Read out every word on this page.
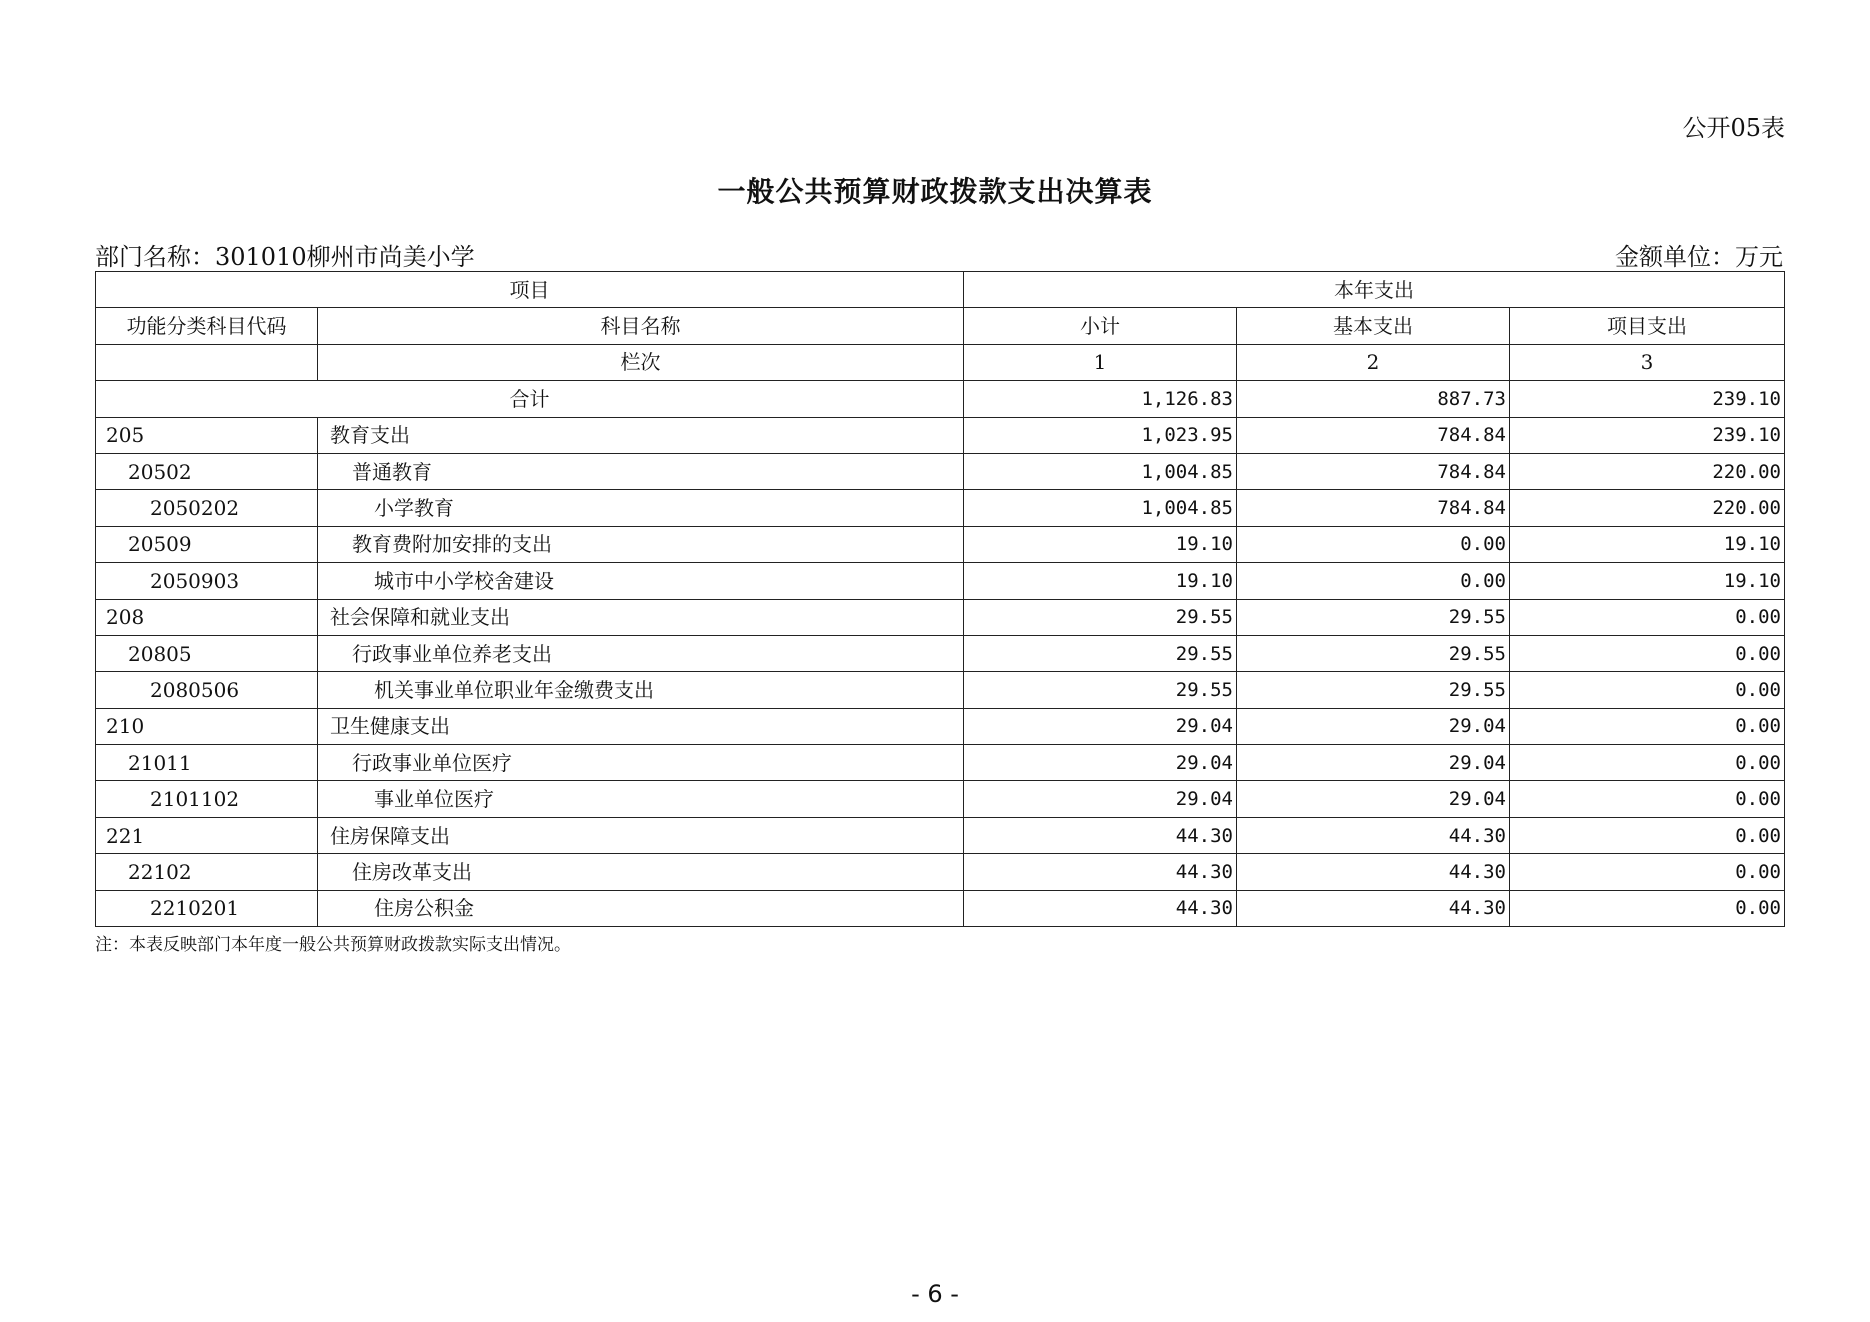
公开05表
一般公共预算财政拨款支出决算表
部门名称：301010柳州市尚美小学	金额单位：万元
项目		本年支出		
功能分类科目代码	科目名称	小计	基本支出	项目支出
	栏次	1	2	3
合计		1,126.83	887.73	239.10
205	教育支出	1,023.95	784.84	239.10
20502	普通教育	1,004.85	784.84	220.00
2050202	小学教育	1,004.85	784.84	220.00
20509	教育费附加安排的支出	19.10	0.00	19.10
2050903	城市中小学校舍建设	19.10	0.00	19.10
208	社会保障和就业支出	29.55	29.55	0.00
20805	行政事业单位养老支出	29.55	29.55	0.00
2080506	机关事业单位职业年金缴费支出	29.55	29.55	0.00
210	卫生健康支出	29.04	29.04	0.00
21011	行政事业单位医疗	29.04	29.04	0.00
2101102	事业单位医疗	29.04	29.04	0.00
221	住房保障支出	44.30	44.30	0.00
22102	住房改革支出	44.30	44.30	0.00
2210201	住房公积金	44.30	44.30	0.00
注：本表反映部门本年度一般公共预算财政拨款实际支出情况。
- 6 -
